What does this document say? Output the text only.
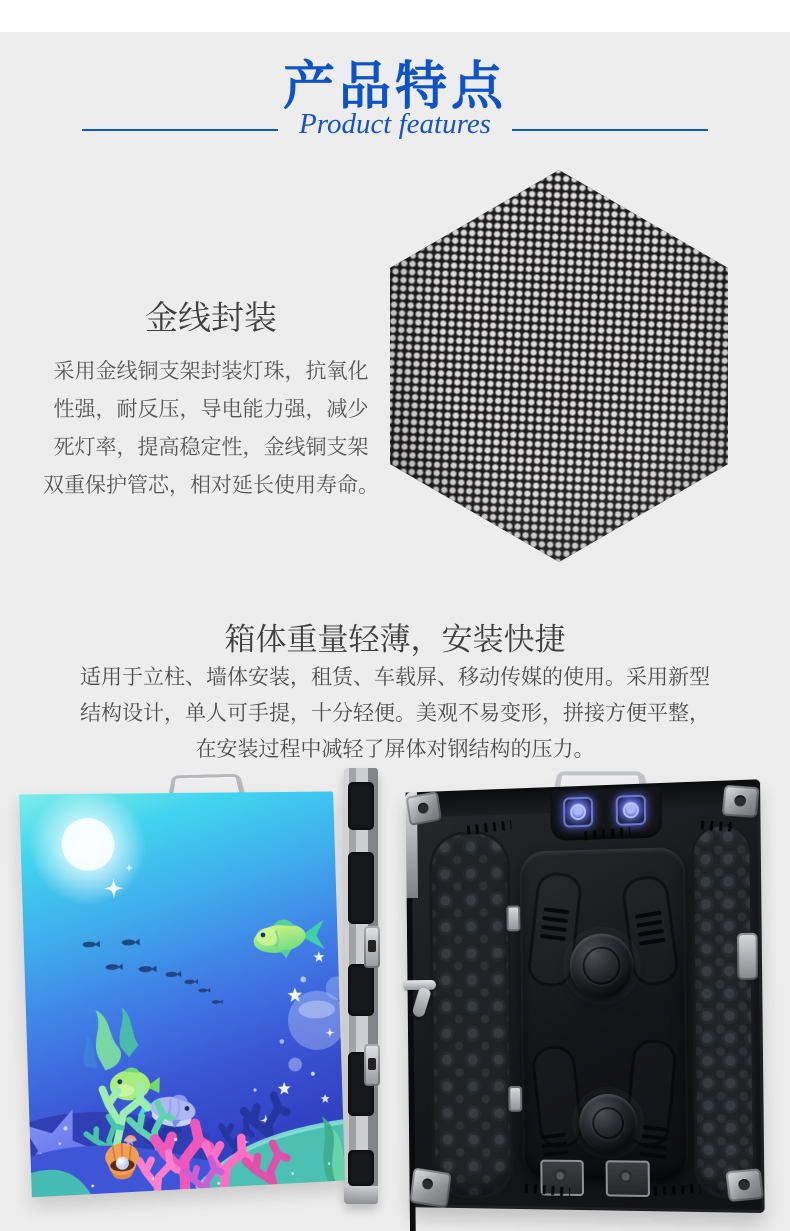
产品特点
Product features
金线封装
采用金线铜支架封装灯珠，抗氧化
性强，耐反压，导电能力强，减少
死灯率，提高稳定性，金线铜支架
双重保护管芯，相对延长使用寿命。
箱体重量轻薄，安装快捷
适用于立柱、墙体安装，租赁、车载屏、移动传媒的使用。采用新型
结构设计，单人可手提，十分轻便。美观不易变形，拼接方便平整，
在安装过程中减轻了屏体对钢结构的压力。
